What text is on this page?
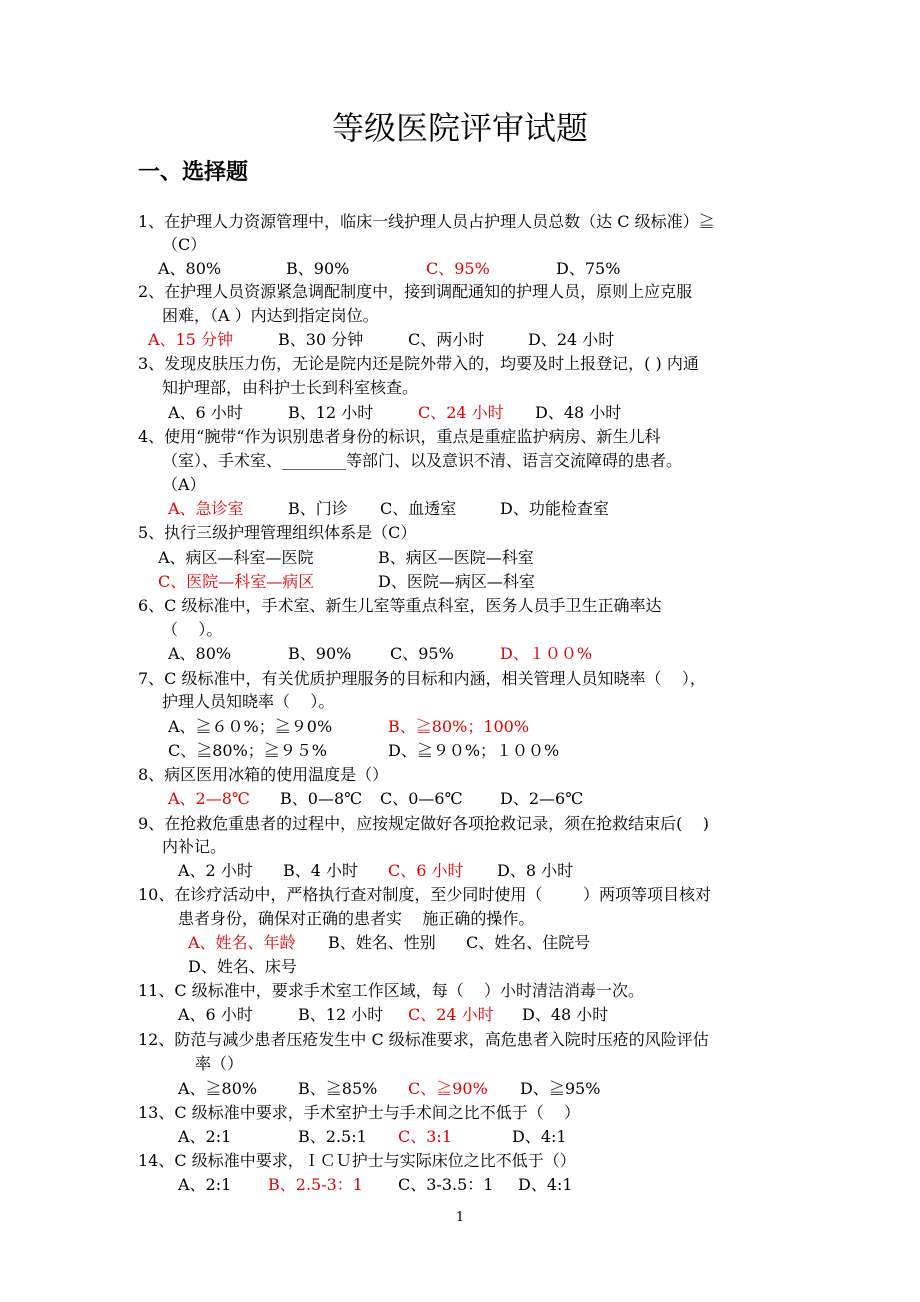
等级医院评审试题
一、选择题
1、在护理人力资源管理中，临床一线护理人员占护理人员总数（达 C 级标准）≧
（C）
A、80%	B、90%	C、95%	D、75%
2、在护理人员资源紧急调配制度中，接到调配通知的护理人员，原则上应克服
困难，（A ）内达到指定岗位。
A、15 分钟	B、30 分钟	C、两小时	D、24 小时
3、发现皮肤压力伤，无论是院内还是院外带入的，均要及时上报登记，( ) 内通
知护理部，由科护士长到科室核查。
A、6 小时	B、12 小时	C、24 小时 D、48 小时
4、使用“腕带“作为识别患者身份的标识，重点是重症监护病房、新生儿科
（室）、手术室、________等部门、以及意识不清、语言交流障碍的患者。
（A）
A、急诊室	B、门诊 C、血透室	D、功能检查室
5、执行三级护理管理组织体系是（C）
A、病区—科室—医院	B、病区—医院—科室
C、医院—科室—病区	D、医院—病区—科室
6、C 级标准中，手术室、新生儿室等重点科室，医务人员手卫生正确率达
（    ）。
A、80%	B、90% C、95%	D、１００%
7、C 级标准中，有关优质护理服务的目标和内涵，相关管理人员知晓率（    ），
护理人员知晓率（    ）。
A、≧６０%；≧９0%	B、≧80%；100%
C、≧80%；≧９５%	D、≧９０%；１００%
8、病区医用冰箱的使用温度是（）
A、2—8℃ B、0—8℃ C、0—6℃ D、2—6℃
9、在抢救危重患者的过程中，应按规定做好各项抢救记录，须在抢救结束后(    )
内补记。
A、2 小时 B、4 小时 C、6 小时 D、8 小时
10、在诊疗活动中，严格执行查对制度，至少同时使用（        ）两项等项目核对
患者身份，确保对正确的患者实    施正确的操作。
A、姓名、年龄 B、姓名、性别 C、姓名、住院号
D、姓名、床号
11、C 级标准中，要求手术室工作区域，每（    ）小时清洁消毒一次。
A、6 小时	B、12 小时 C、24 小时 D、48 小时
12、防范与减少患者压疮发生中 C 级标准要求，高危患者入院时压疮的风险评估
率（）
A、≧80%	B、≧85% C、≧90% D、≧95%
13、C 级标准中要求，手术室护士与手术间之比不低于（    ）
A、2:1	B、2.5:1 C、3:1	D、4:1
14、C 级标准中要求，ＩＣＵ护士与实际床位之比不低于（）
A、2:1 B、2.5-3：1 C、3-3.5：1 D、4:1
1
